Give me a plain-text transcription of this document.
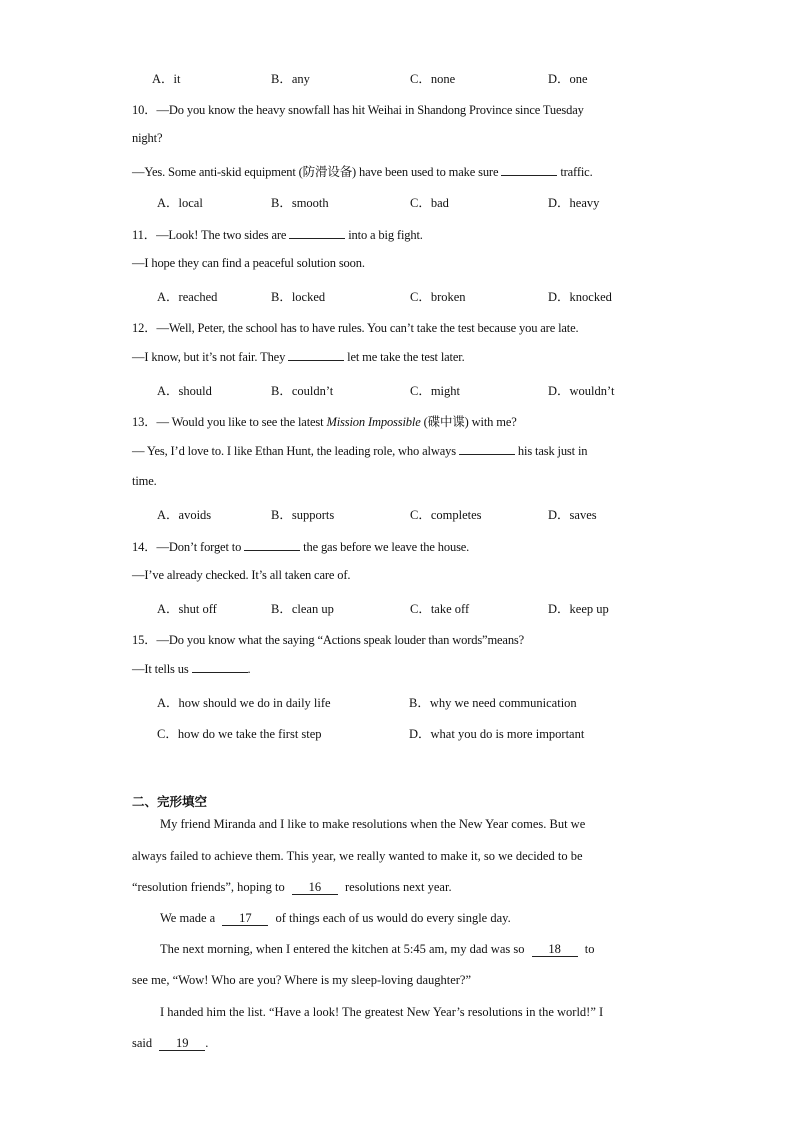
A．it	B．any	C．none	D．one
10．—Do you know the heavy snowfall has hit Weihai in Shandong Province since Tuesday
night?
—Yes. Some anti-skid equipment (防滑设备) have been used to make sure	traffic.
A．local	B．smooth	C．bad	D．heavy
11．—Look! The two sides are	into a big fight.
—I hope they can find a peaceful solution soon.
A．reached	B．locked	C．broken	D．knocked
12．—Well, Peter, the school has to have rules. You can’t take the test because you are late.
—I know, but it’s not fair. They	let me take the test later.
A．should	B．couldn’t	C．might	D．wouldn’t
13．— Would you like to see the latest Mission Impossible (碟中谍) with me?
— Yes, I’d love to. I like Ethan Hunt, the leading role, who always	his task just in
time.
A．avoids	B．supports	C．completes	D．saves
14．—Don’t forget to	the gas before we leave the house.
—I’ve already checked. It’s all taken care of.
A．shut off	B．clean up	C．take off	D．keep up
15．—Do you know what the saying “Actions speak louder than words”means?
—It tells us	.
A．how should we do in daily life	B．why we need communication
C．how do we take the first step	D．what you do is more important
二、完形填空
My friend Miranda and I like to make resolutions when the New Year comes. But we
always failed to achieve them. This year, we really wanted to make it, so we decided to be
“resolution friends”, hoping to 16 resolutions next year.
We made a 17 of things each of us would do every single day.
The next morning, when I entered the kitchen at 5:45 am, my dad was so 18 to
see me, “Wow! Who are you? Where is my sleep-loving daughter?”
I handed him the list. “Have a look! The greatest New Year’s resolutions in the world!” I
said 19 .
